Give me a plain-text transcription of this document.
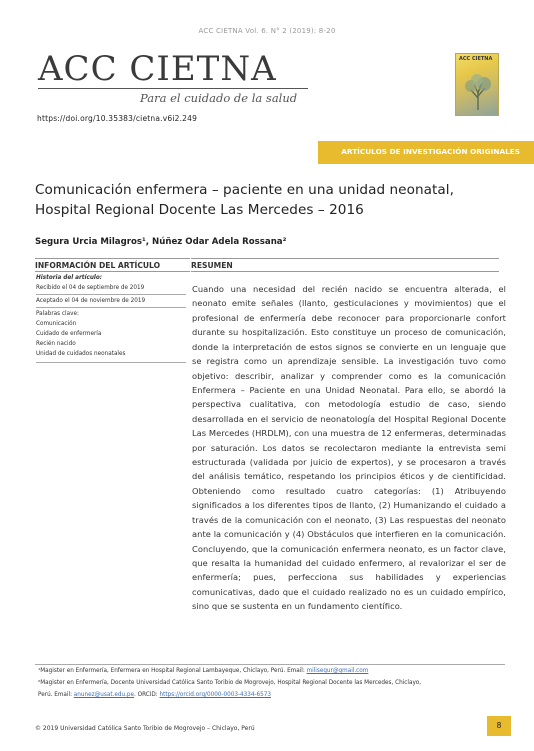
ACC CIETNA Vol. 6. N° 2 (2019): 8-20
ACC CIETNA
Para el cuidado de la salud
ACC CIETNA
https://doi.org/10.35383/cietna.v6i2.249
ARTÍCULOS DE INVESTIGACIÓN ORIGINALES
Comunicación enfermera – paciente en una unidad neonatal,
Hospital Regional Docente Las Mercedes – 2016
Segura Urcia Milagros¹, Núñez Odar Adela Rossana²
INFORMACIÓN DEL ARTÍCULO	RESUMEN
Historia del artículo:
Recibido el 04 de septiembre de 2019
Aceptado el 04 de noviembre de 2019
Palabras clave:
Comunicación
Cuidado de enfermería
Recién nacido
Unidad de cuidados neonatales
Cuando una necesidad del recién nacido se encuentra alterada, el neonato emite señales (llanto, gesticulaciones y movimientos) que el profesional de enfermería debe reconocer para proporcionarle confort durante su hospitalización. Esto constituye un proceso de comunicación, donde la interpretación de estos signos se convierte en un lenguaje que se registra como un aprendizaje sensible. La investigación tuvo como objetivo: describir, analizar y comprender como es la comunicación Enfermera – Paciente en una Unidad Neonatal. Para ello, se abordó la perspectiva cualitativa, con metodología estudio de caso, siendo desarrollada en el servicio de neonatología del Hospital Regional Docente Las Mercedes (HRDLM), con una muestra de 12 enfermeras, determinadas por saturación. Los datos se recolectaron mediante la entrevista semi estructurada (validada por juicio de expertos), y se procesaron a través del análisis temático, respetando los principios éticos y de cientificidad. Obteniendo como resultado cuatro categorías: (1) Atribuyendo significados a los diferentes tipos de llanto, (2) Humanizando el cuidado a través de la comunicación con el neonato, (3) Las respuestas del neonato ante la comunicación y (4) Obstáculos que interfieren en la comunicación. Concluyendo, que la comunicación enfermera neonato, es un factor clave, que resalta la humanidad del cuidado enfermero, al revalorizar el ser de enfermería; pues, perfecciona sus habilidades y experiencias comunicativas, dado que el cuidado realizado no es un cuidado empírico, sino que se sustenta en un fundamento científico.
¹Magister en Enfermería, Enfermera en Hospital Regional Lambayeque, Chiclayo, Perú. Email: milisegur@gmail.com
²Magister en Enfermería, Docente Universidad Católica Santo Toribio de Mogrovejo, Hospital Regional Docente las Mercedes, Chiclayo,
Perú. Email: anunez@usat.edu.pe. ORCID: https://orcid.org/0000-0003-4334-6573
© 2019 Universidad Católica Santo Toribio de Mogrovejo – Chiclayo, Perú	8
